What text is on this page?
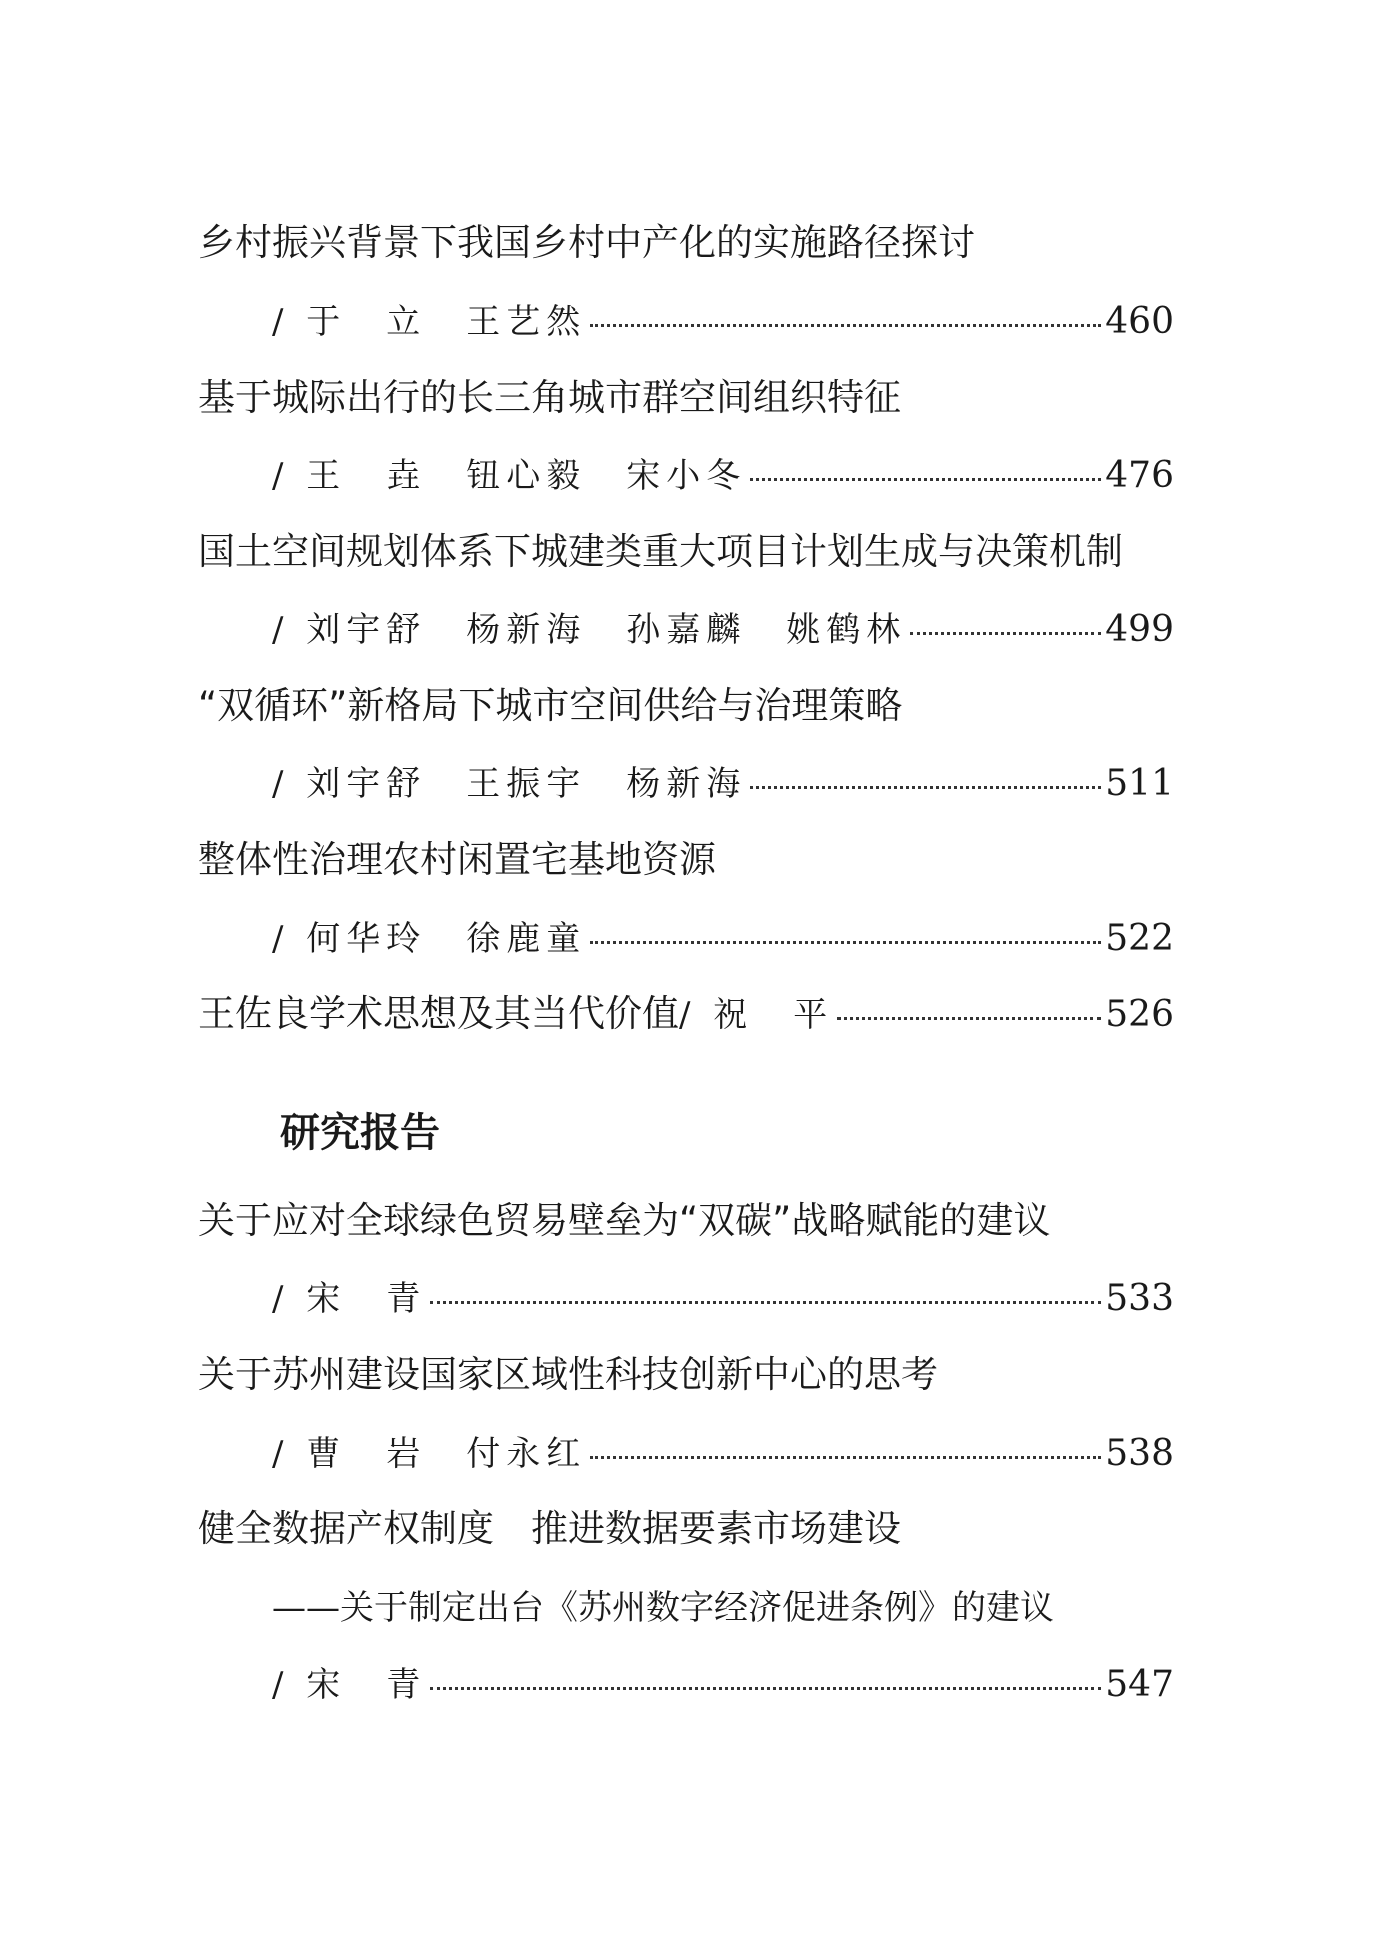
乡村振兴背景下我国乡村中产化的实施路径探讨
/ 于　立　王艺然	460
基于城际出行的长三角城市群空间组织特征
/ 王　垚　钮心毅　宋小冬	476
国土空间规划体系下城建类重大项目计划生成与决策机制
/ 刘宇舒　杨新海　孙嘉麟　姚鹤林	499
“双循环”新格局下城市空间供给与治理策略
/ 刘宇舒　王振宇　杨新海	511
整体性治理农村闲置宅基地资源
/ 何华玲　徐鹿童	522
王佐良学术思想及其当代价值 / 祝　平	526
研究报告
关于应对全球绿色贸易壁垒为“双碳”战略赋能的建议
/ 宋　青	533
关于苏州建设国家区域性科技创新中心的思考
/ 曹　岩　付永红	538
健全数据产权制度　推进数据要素市场建设
——关于制定出台《苏州数字经济促进条例》的建议
/ 宋　青	547
